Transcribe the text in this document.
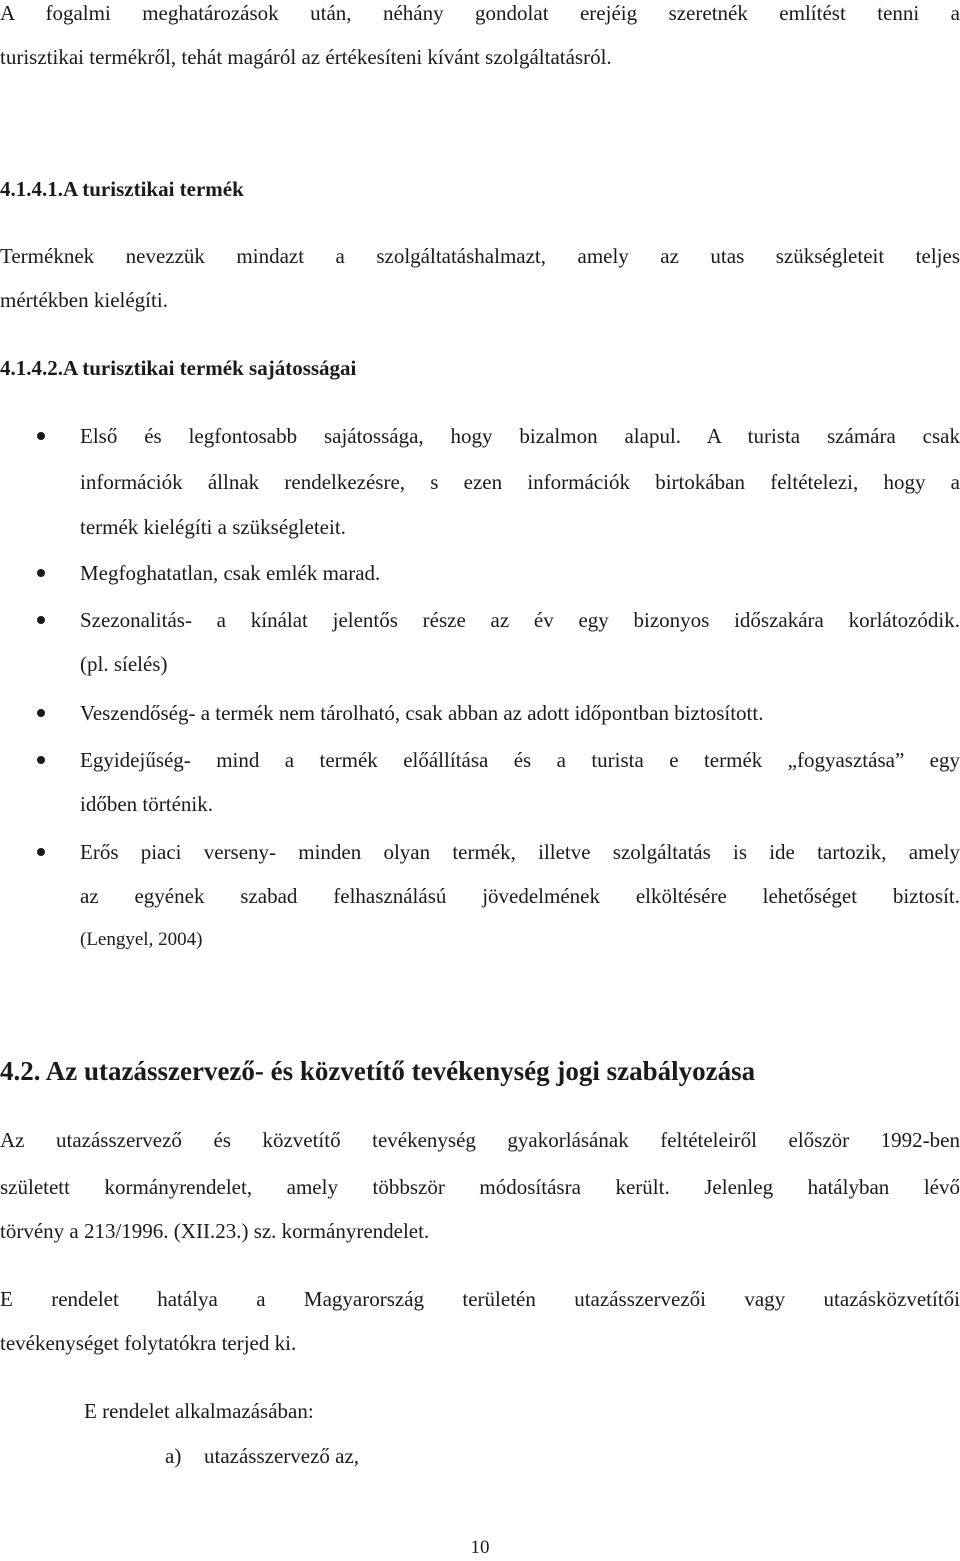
A fogalmi meghatározások után, néhány gondolat erejéig szeretnék említést tenni a
turisztikai termékről, tehát magáról az értékesíteni kívánt szolgáltatásról.
4.1.4.1.A turisztikai termék
Terméknek nevezzük mindazt a szolgáltatáshalmazt, amely az utas szükségleteit teljes
mértékben kielégíti.
4.1.4.2.A turisztikai termék sajátosságai
Első és legfontosabb sajátossága, hogy bizalmon alapul. A turista számára csak
információk állnak rendelkezésre, s ezen információk birtokában feltételezi, hogy a
termék kielégíti a szükségleteit.
Megfoghatatlan, csak emlék marad.
Szezonalitás- a kínálat jelentős része az év egy bizonyos időszakára korlátozódik.
(pl. síelés)
Veszendőség- a termék nem tárolható, csak abban az adott időpontban biztosított.
Egyidejűség- mind a termék előállítása és a turista e termék „fogyasztása” egy
időben történik.
Erős piaci verseny- minden olyan termék, illetve szolgáltatás is ide tartozik, amely
az egyének szabad felhasználású jövedelmének elköltésére lehetőséget biztosít.
(Lengyel, 2004)
4.2. Az utazásszervező- és közvetítő tevékenység jogi szabályozása
Az utazásszervező és közvetítő tevékenység gyakorlásának feltételeiről először 1992-ben
született kormányrendelet, amely többször módosításra került. Jelenleg hatályban lévő
törvény a 213/1996. (XII.23.) sz. kormányrendelet.
E rendelet hatálya a Magyarország területén utazásszervezői vagy utazásközvetítői
tevékenységet folytatókra terjed ki.
E rendelet alkalmazásában:
a) utazásszervező az,
10
